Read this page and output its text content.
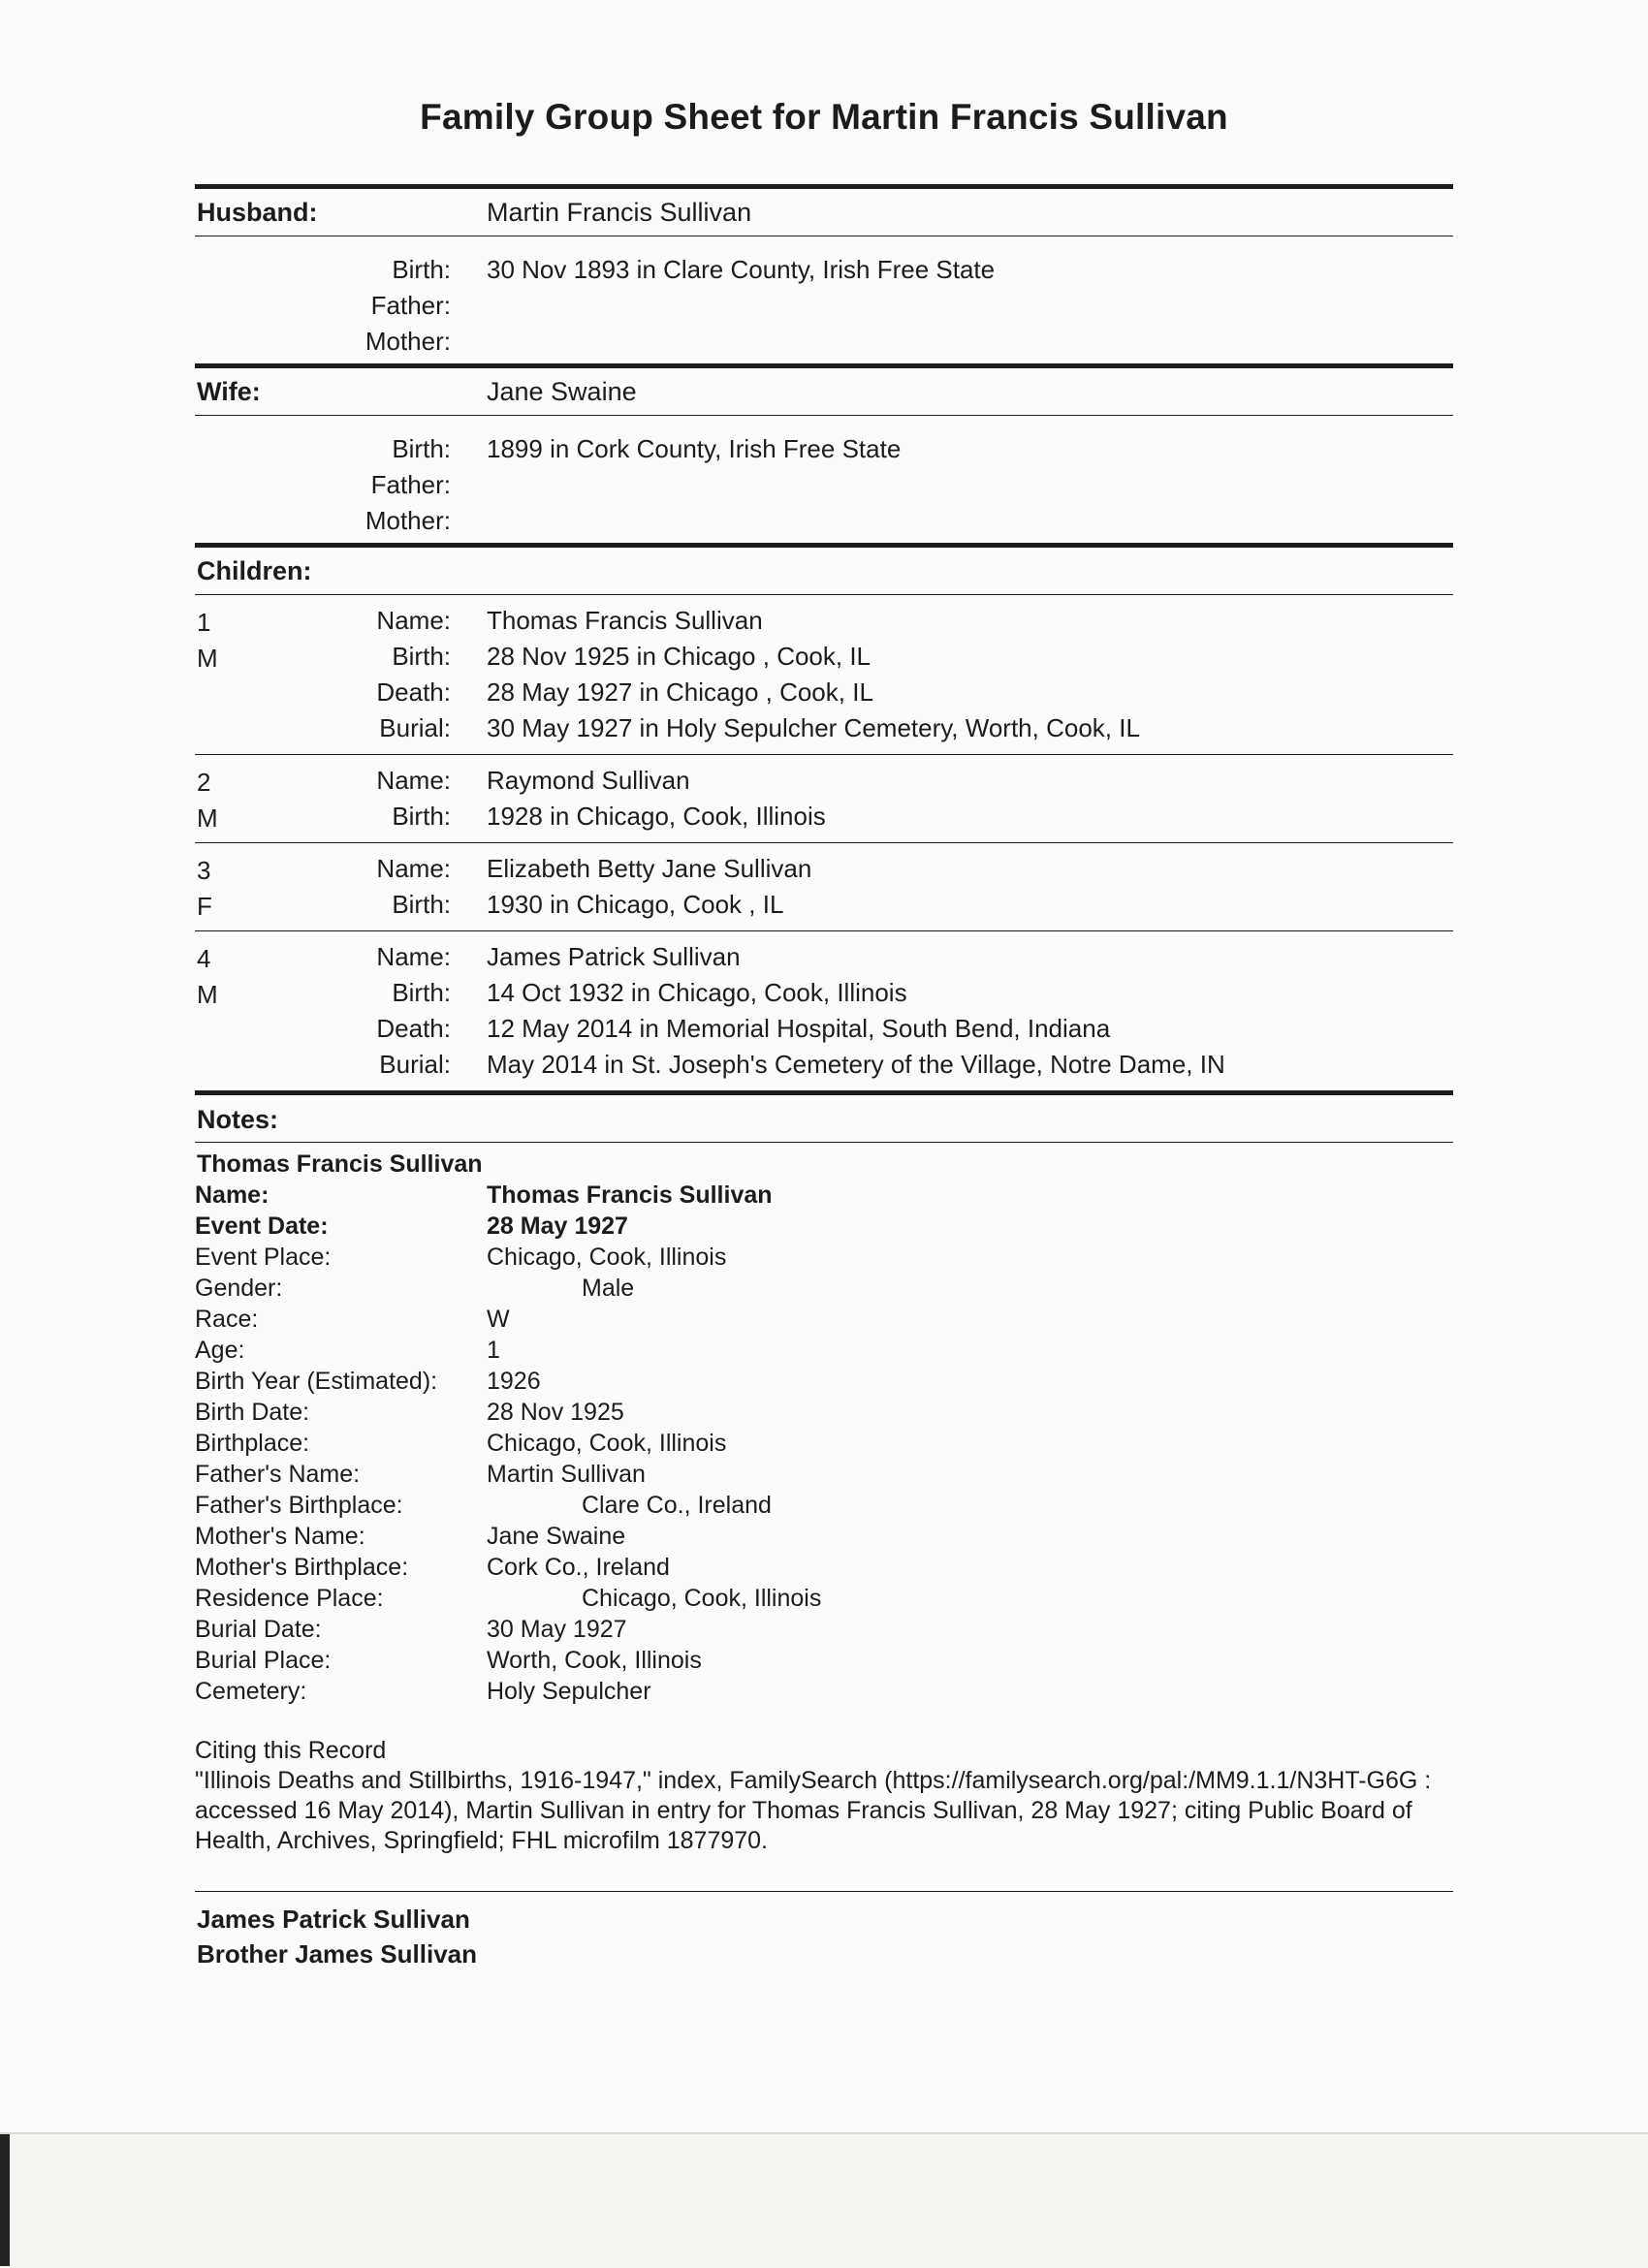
Family Group Sheet for Martin Francis Sullivan
Husband:	Martin Francis Sullivan
Birth: 30 Nov 1893 in Clare County, Irish Free State
Father:
Mother:
Wife:	Jane Swaine
Birth: 1899 in Cork County, Irish Free State
Father:
Mother:
Children:
1
M
Name: Thomas Francis Sullivan
Birth: 28 Nov 1925 in Chicago , Cook, IL
Death: 28 May 1927 in Chicago , Cook, IL
Burial: 30 May 1927 in Holy Sepulcher Cemetery, Worth, Cook, IL
2
M
Name: Raymond Sullivan
Birth: 1928 in Chicago, Cook, Illinois
3
F
Name: Elizabeth Betty Jane Sullivan
Birth: 1930 in Chicago, Cook , IL
4
M
Name: James Patrick Sullivan
Birth: 14 Oct 1932 in Chicago, Cook, Illinois
Death: 12 May 2014 in Memorial Hospital, South Bend, Indiana
Burial: May 2014 in St. Joseph's Cemetery of the Village, Notre Dame, IN
Notes:
Thomas Francis Sullivan
Name:	Thomas Francis Sullivan
Event Date:	28 May 1927
Event Place:	Chicago, Cook, Illinois
Gender:	Male
Race:	W
Age:	1
Birth Year (Estimated): 1926
Birth Date:	28 Nov 1925
Birthplace:	Chicago, Cook, Illinois
Father's Name:	Martin Sullivan
Father's Birthplace:	Clare Co., Ireland
Mother's Name:	Jane Swaine
Mother's Birthplace:	Cork Co., Ireland
Residence Place:	Chicago, Cook, Illinois
Burial Date:	30 May 1927
Burial Place:	Worth, Cook, Illinois
Cemetery:	Holy Sepulcher

Citing this Record

"Illinois Deaths and Stillbirths, 1916-1947," index, FamilySearch (https://familysearch.org/pal:/MM9.1.1/N3HT-G6G : accessed 16 May 2014), Martin Sullivan in entry for Thomas Francis Sullivan, 28 May 1927; citing Public Board of Health, Archives, Springfield; FHL microfilm 1877970.

James Patrick Sullivan
Brother James Sullivan
